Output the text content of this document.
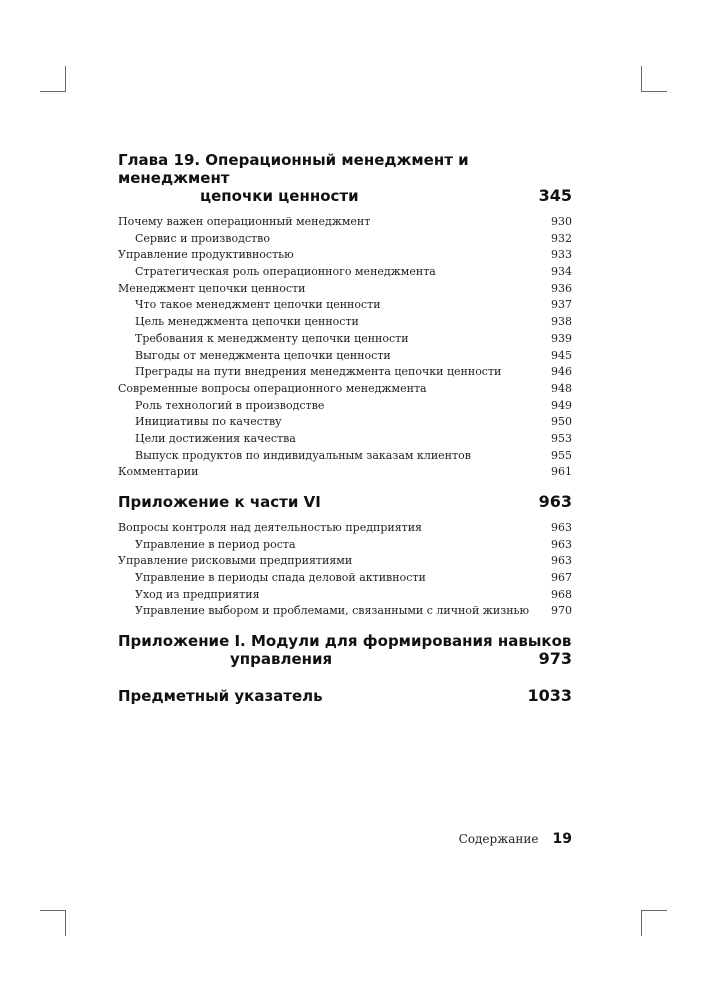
Глава 19. Операционный менеджмент и менеджмент
цепочки ценности	345
Почему важен операционный менеджмент	930
Сервис и производство	932
Управление продуктивностью	933
Стратегическая роль операционного менеджмента	934
Менеджмент цепочки ценности	936
Что такое менеджмент цепочки ценности	937
Цель менеджмента цепочки ценности	938
Требования к менеджменту цепочки ценности	939
Выгоды от менеджмента цепочки ценности	945
Преграды на пути внедрения менеджмента цепочки ценности	946
Современные вопросы операционного менеджмента	948
Роль технологий в производстве	949
Инициативы по качеству	950
Цели достижения качества	953
Выпуск продуктов по индивидуальным заказам клиентов	955
Комментарии	961
Приложение к части VI	963
Вопросы контроля над деятельностью предприятия	963
Управление в период роста	963
Управление рисковыми предприятиями	963
Управление в периоды спада деловой активности	967
Уход из предприятия	968
Управление выбором и проблемами, связанными с личной жизнью 970
Приложение I. Модули для формирования навыков
управления	973
Предметный указатель	1033
Содержание 19
